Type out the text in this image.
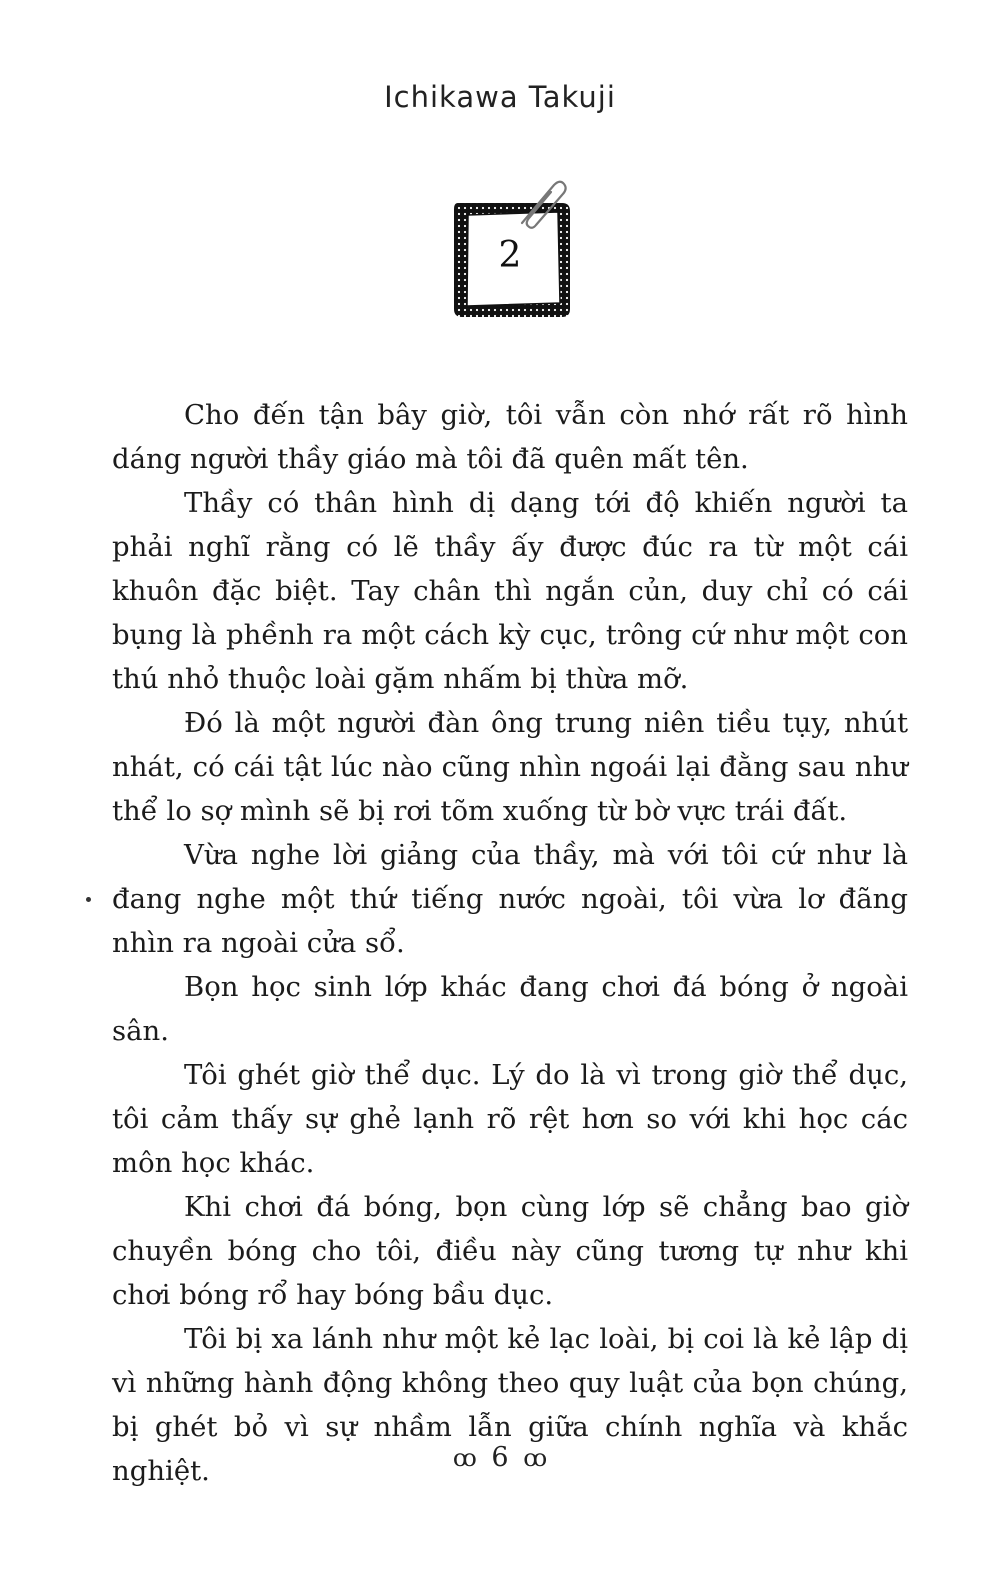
Ichikawa Takuji
2

Cho đến tận bây giờ, tôi vẫn còn nhớ rất rõ hình dáng người thầy giáo mà tôi đã quên mất tên.

Thầy có thân hình dị dạng tới độ khiến người ta phải nghĩ rằng có lẽ thầy ấy được đúc ra từ một cái khuôn đặc biệt. Tay chân thì ngắn củn, duy chỉ có cái bụng là phềnh ra một cách kỳ cục, trông cứ như một con thú nhỏ thuộc loài gặm nhấm bị thừa mỡ.

Đó là một người đàn ông trung niên tiều tụy, nhút nhát, có cái tật lúc nào cũng nhìn ngoái lại đằng sau như thể lo sợ mình sẽ bị rơi tõm xuống từ bờ vực trái đất.

Vừa nghe lời giảng của thầy, mà với tôi cứ như là đang nghe một thứ tiếng nước ngoài, tôi vừa lơ đãng nhìn ra ngoài cửa sổ.

Bọn học sinh lớp khác đang chơi đá bóng ở ngoài sân.

Tôi ghét giờ thể dục. Lý do là vì trong giờ thể dục, tôi cảm thấy sự ghẻ lạnh rõ rệt hơn so với khi học các môn học khác.

Khi chơi đá bóng, bọn cùng lớp sẽ chẳng bao giờ chuyền bóng cho tôi, điều này cũng tương tự như khi chơi bóng rổ hay bóng bầu dục.

Tôi bị xa lánh như một kẻ lạc loài, bị coi là kẻ lập dị vì những hành động không theo quy luật của bọn chúng, bị ghét bỏ vì sự nhầm lẫn giữa chính nghĩa và khắc nghiệt.	ꝏ 6 ꝏ
